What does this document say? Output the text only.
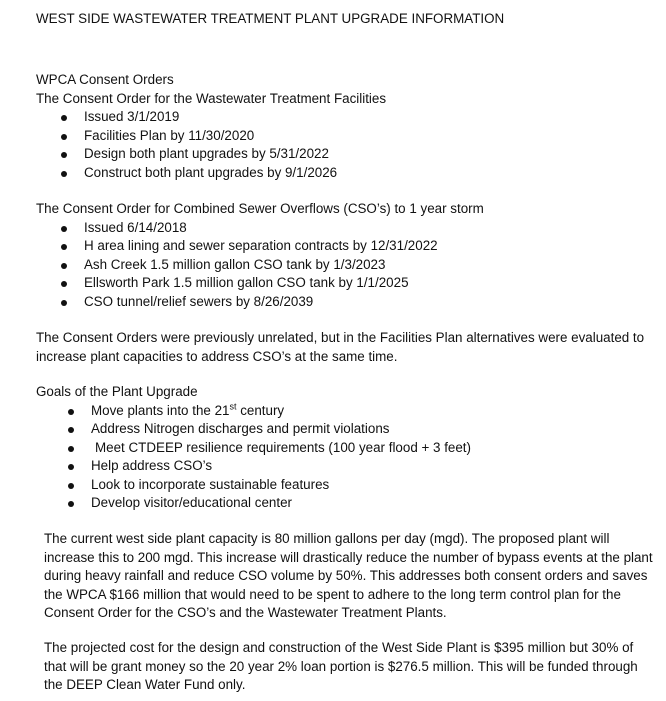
WEST SIDE WASTEWATER TREATMENT PLANT UPGRADE INFORMATION
WPCA Consent Orders
The Consent Order for the Wastewater Treatment Facilities
Issued 3/1/2019
Facilities Plan by 11/30/2020
Design both plant upgrades by 5/31/2022
Construct both plant upgrades by 9/1/2026
The Consent Order for Combined Sewer Overflows (CSO’s) to 1 year storm
Issued 6/14/2018
H area lining and sewer separation contracts by 12/31/2022
Ash Creek 1.5 million gallon CSO tank by 1/3/2023
Ellsworth Park 1.5 million gallon CSO tank by 1/1/2025
CSO tunnel/relief sewers by 8/26/2039
The Consent Orders were previously unrelated, but in the Facilities Plan alternatives were evaluated to
increase plant capacities to address CSO’s at the same time.
Goals of the Plant Upgrade
Move plants into the 21st century
Address Nitrogen discharges and permit violations
Meet CTDEEP resilience requirements (100 year flood + 3 feet)
Help address CSO’s
Look to incorporate sustainable features
Develop visitor/educational center
The current west side plant capacity is 80 million gallons per day (mgd). The proposed plant will
increase this to 200 mgd. This increase will drastically reduce the number of bypass events at the plant
during heavy rainfall and reduce CSO volume by 50%. This addresses both consent orders and saves
the WPCA $166 million that would need to be spent to adhere to the long term control plan for the
Consent Order for the CSO’s and the Wastewater Treatment Plants.
The projected cost for the design and construction of the West Side Plant is $395 million but 30% of
that will be grant money so the 20 year 2% loan portion is $276.5 million. This will be funded through
the DEEP Clean Water Fund only.
